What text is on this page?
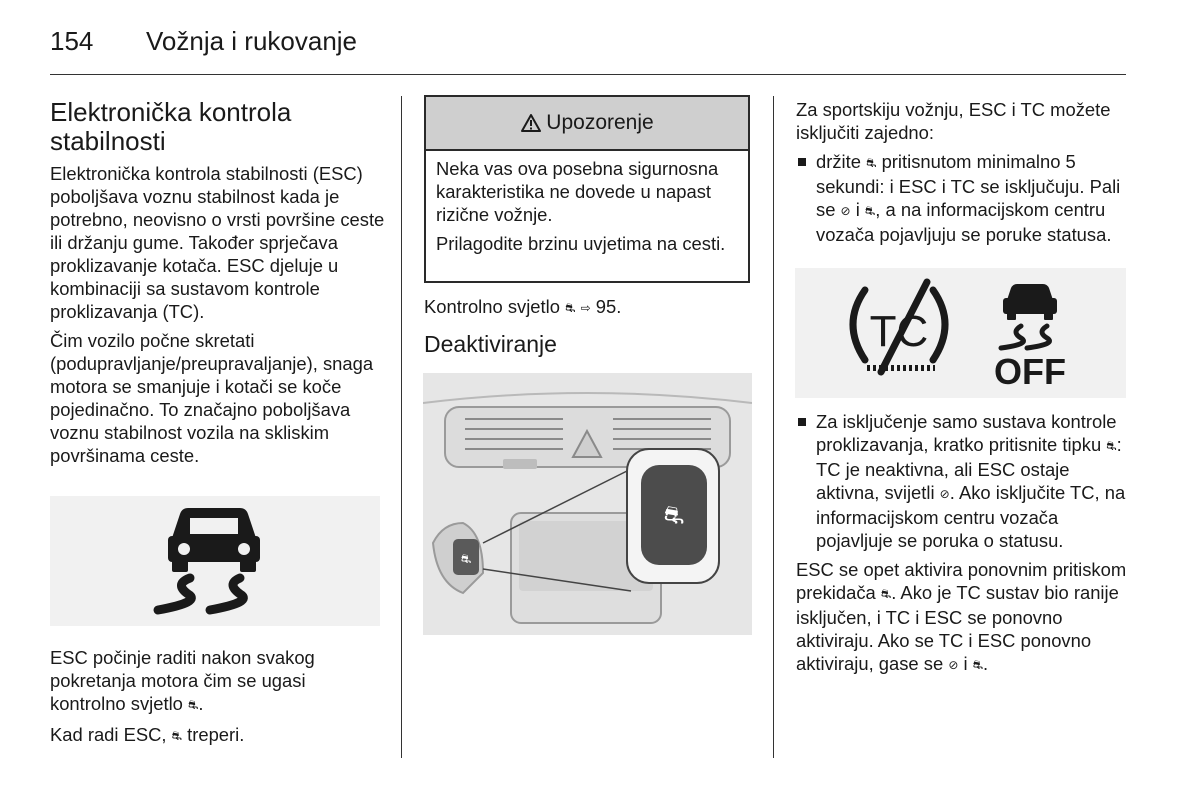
154 Vožnja i rukovanje
Elektronička kontrola stabilnosti

Elektronička kontrola stabilnosti (ESC) poboljšava voznu stabilnost kada je potrebno, neovisno o vrsti površine ceste ili držanju gume. Također sprječava proklizavanje kotača. ESC djeluje u kombinaciji sa sustavom kontrole proklizavanja (TC).

Čim vozilo počne skretati (podupravljanje/preupravaljanje), snaga motora se smanjuje i kotači se koče pojedinačno. To značajno poboljšava voznu stabilnost vozila na skliskim površinama ceste.

ESC počinje raditi nakon svakog pokretanja motora čim se ugasi kontrolno svjetlo ⛐.

Kad radi ESC, ⛐ treperi.

Upozorenje

Neka vas ova posebna sigurnosna karakteristika ne dovede u napast rizične vožnje.

Prilagodite brzinu uvjetima na cesti.

Kontrolno svjetlo ⛐ ⇨ 95.

Deaktiviranje
⛐
⛐

Za sportskiju vožnju, ESC i TC možete isključiti zajedno:

držite ⛐ pritisnutom minimalno 5 sekundi: i ESC i TC se isključuju. Pali se ⊘ i ⛐, a na informacijskom centru vozača pojavljuju se poruke statusa.
TC
OFF
Za isključenje samo sustava kontrole proklizavanja, kratko pritisnite tipku ⛐: TC je neaktivna, ali ESC ostaje aktivna, svijetli ⊘. Ako isključite TC, na informacijskom centru vozača pojavljuje se poruka o statusu.

ESC se opet aktivira ponovnim pritiskom prekidača ⛐. Ako je TC sustav bio ranije isključen, i TC i ESC se ponovno aktiviraju. Ako se TC i ESC ponovno aktiviraju, gase se ⊘ i ⛐.
